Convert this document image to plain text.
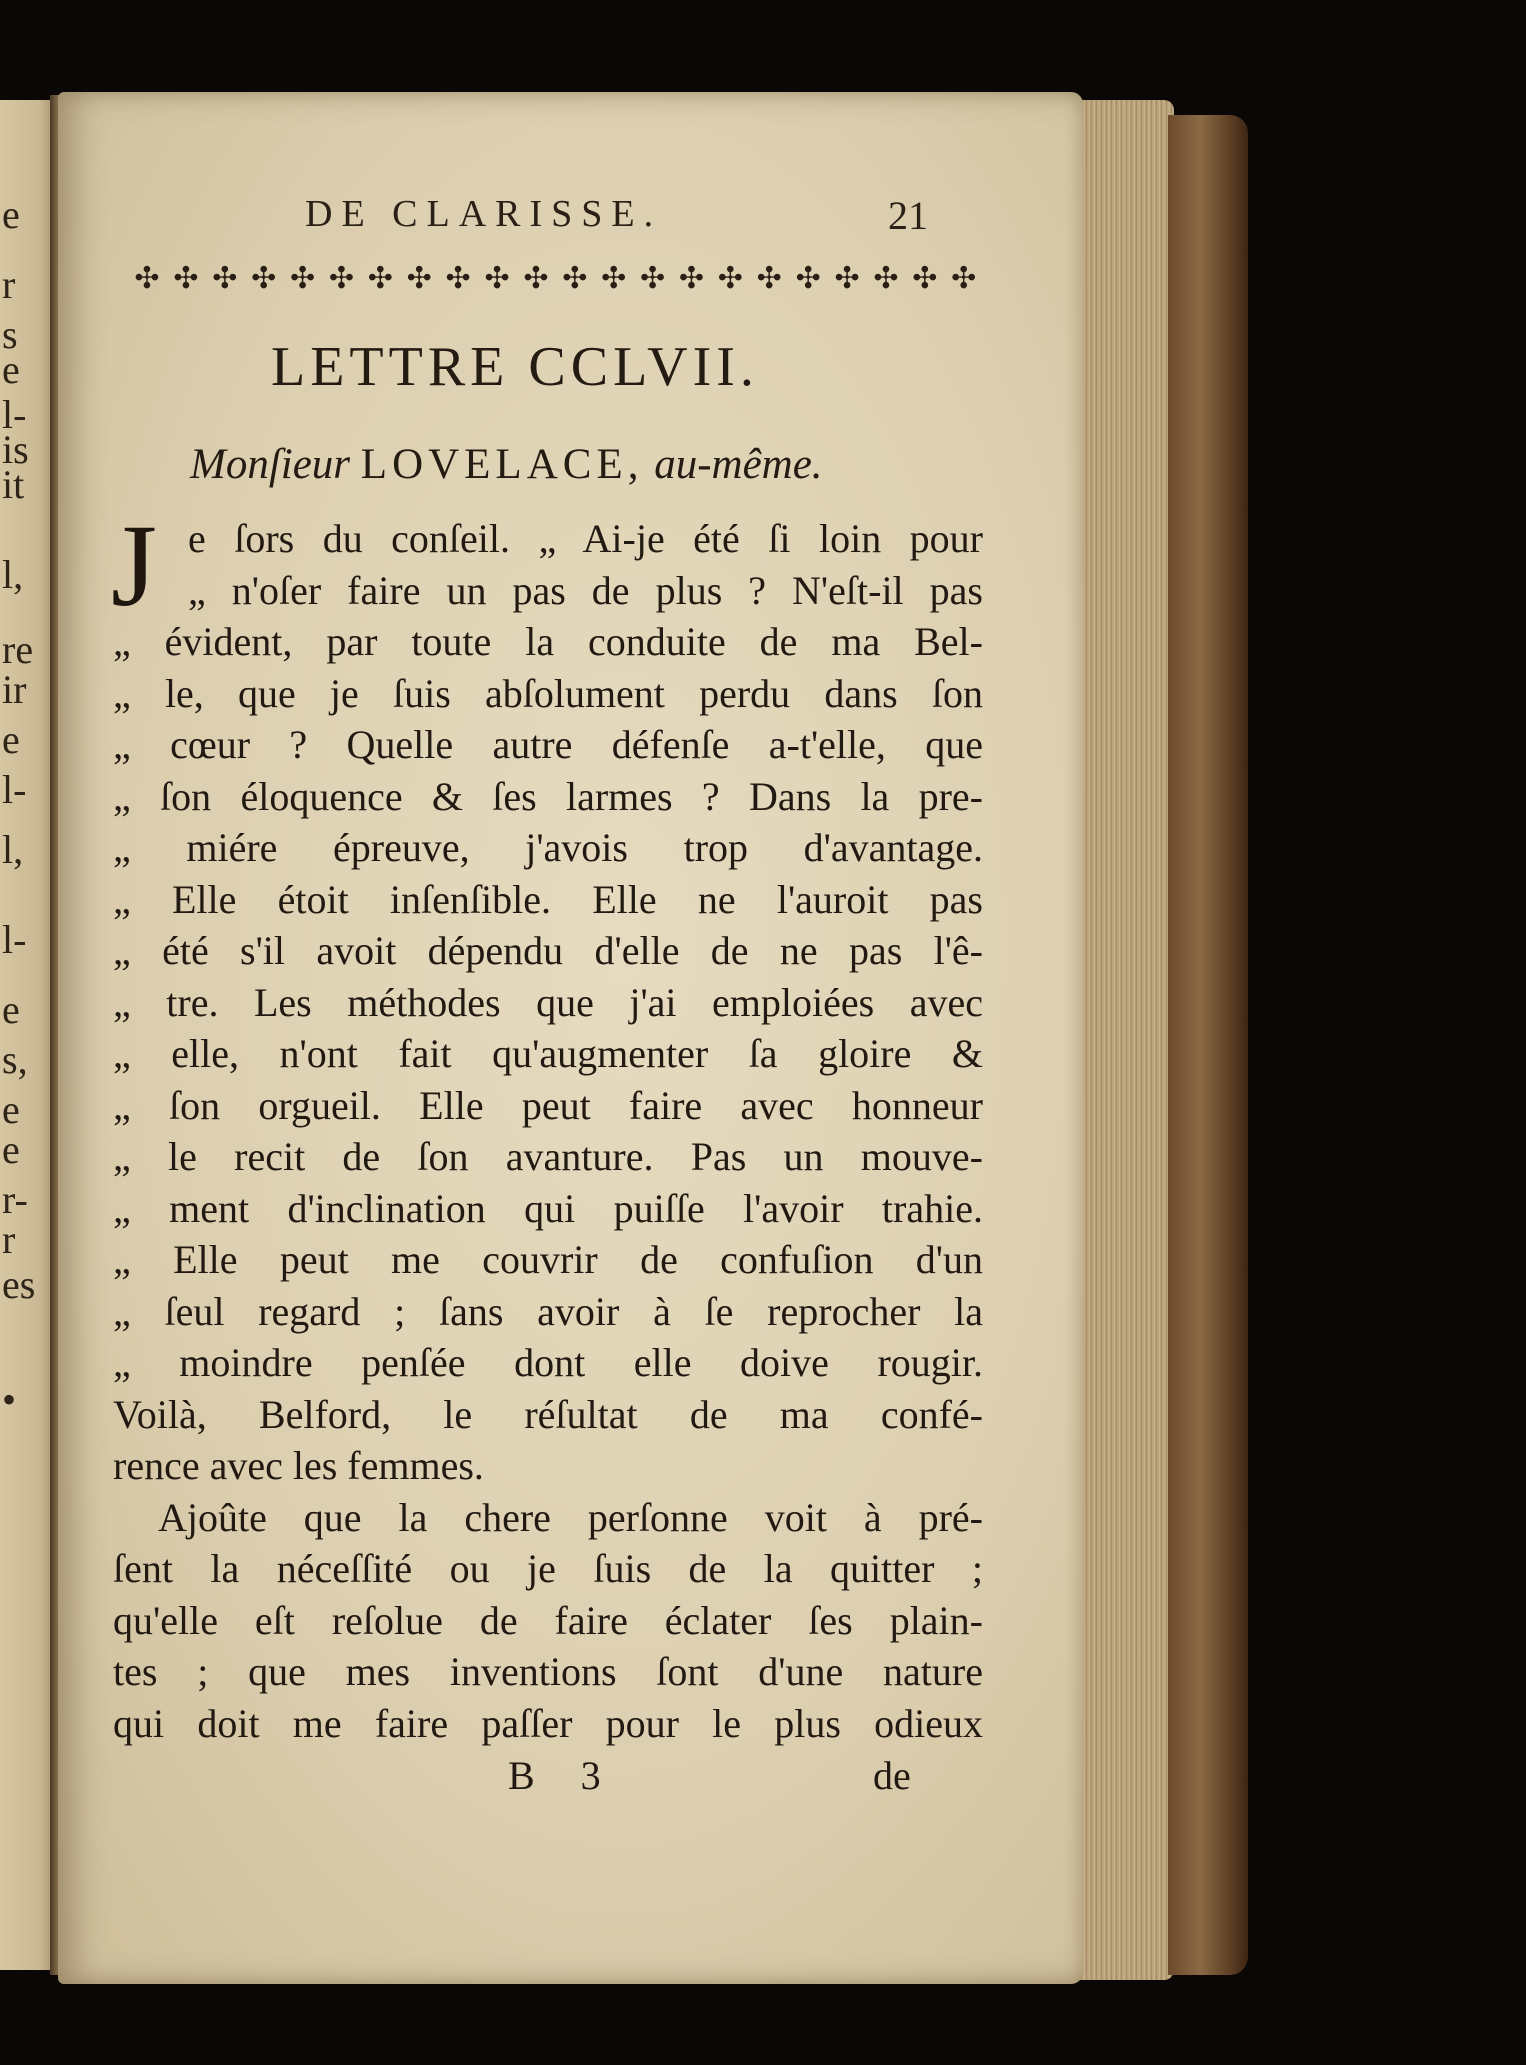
e
r
s
e
l-
is
it
l,
re
ir
e
l-
l,
l-
e
s,
e
e
r-
r
es
•
DE CLARISSE.	21
✣ ✣ ✣ ✣ ✣ ✣ ✣ ✣ ✣ ✣ ✣ ✣ ✣ ✣ ✣ ✣ ✣ ✣ ✣ ✣ ✣ ✣
LETTRE CCLVII.
Monſieur LOVELACE, au-même.
J e ſors du conſeil. „ Ai-je été ſi loin pour
„ n'oſer faire un pas de plus ? N'eſt-il pas
„ évident, par toute la conduite de ma Bel-
„ le, que je ſuis abſolument perdu dans ſon
„ cœur ? Quelle autre défenſe a-t'elle, que
„ ſon éloquence & ſes larmes ? Dans la pre-
„ miére épreuve, j'avois trop d'avantage.
„ Elle étoit inſenſible. Elle ne l'auroit pas
„ été s'il avoit dépendu d'elle de ne pas l'ê-
„ tre. Les méthodes que j'ai emploiées avec
„ elle, n'ont fait qu'augmenter ſa gloire &
„ ſon orgueil. Elle peut faire avec honneur
„ le recit de ſon avanture. Pas un mouve-
„ ment d'inclination qui puiſſe l'avoir trahie.
„ Elle peut me couvrir de confuſion d'un
„ ſeul regard ; ſans avoir à ſe reprocher la
„ moindre penſée dont elle doive rougir.
Voilà, Belford, le réſultat de ma confé-
rence avec les femmes.
Ajoûte que la chere perſonne voit à pré-
ſent la néceſſité ou je ſuis de la quitter ;
qu'elle eſt reſolue de faire éclater ſes plain-
tes ; que mes inventions ſont d'une nature
qui doit me faire paſſer pour le plus odieux
B 3	de
